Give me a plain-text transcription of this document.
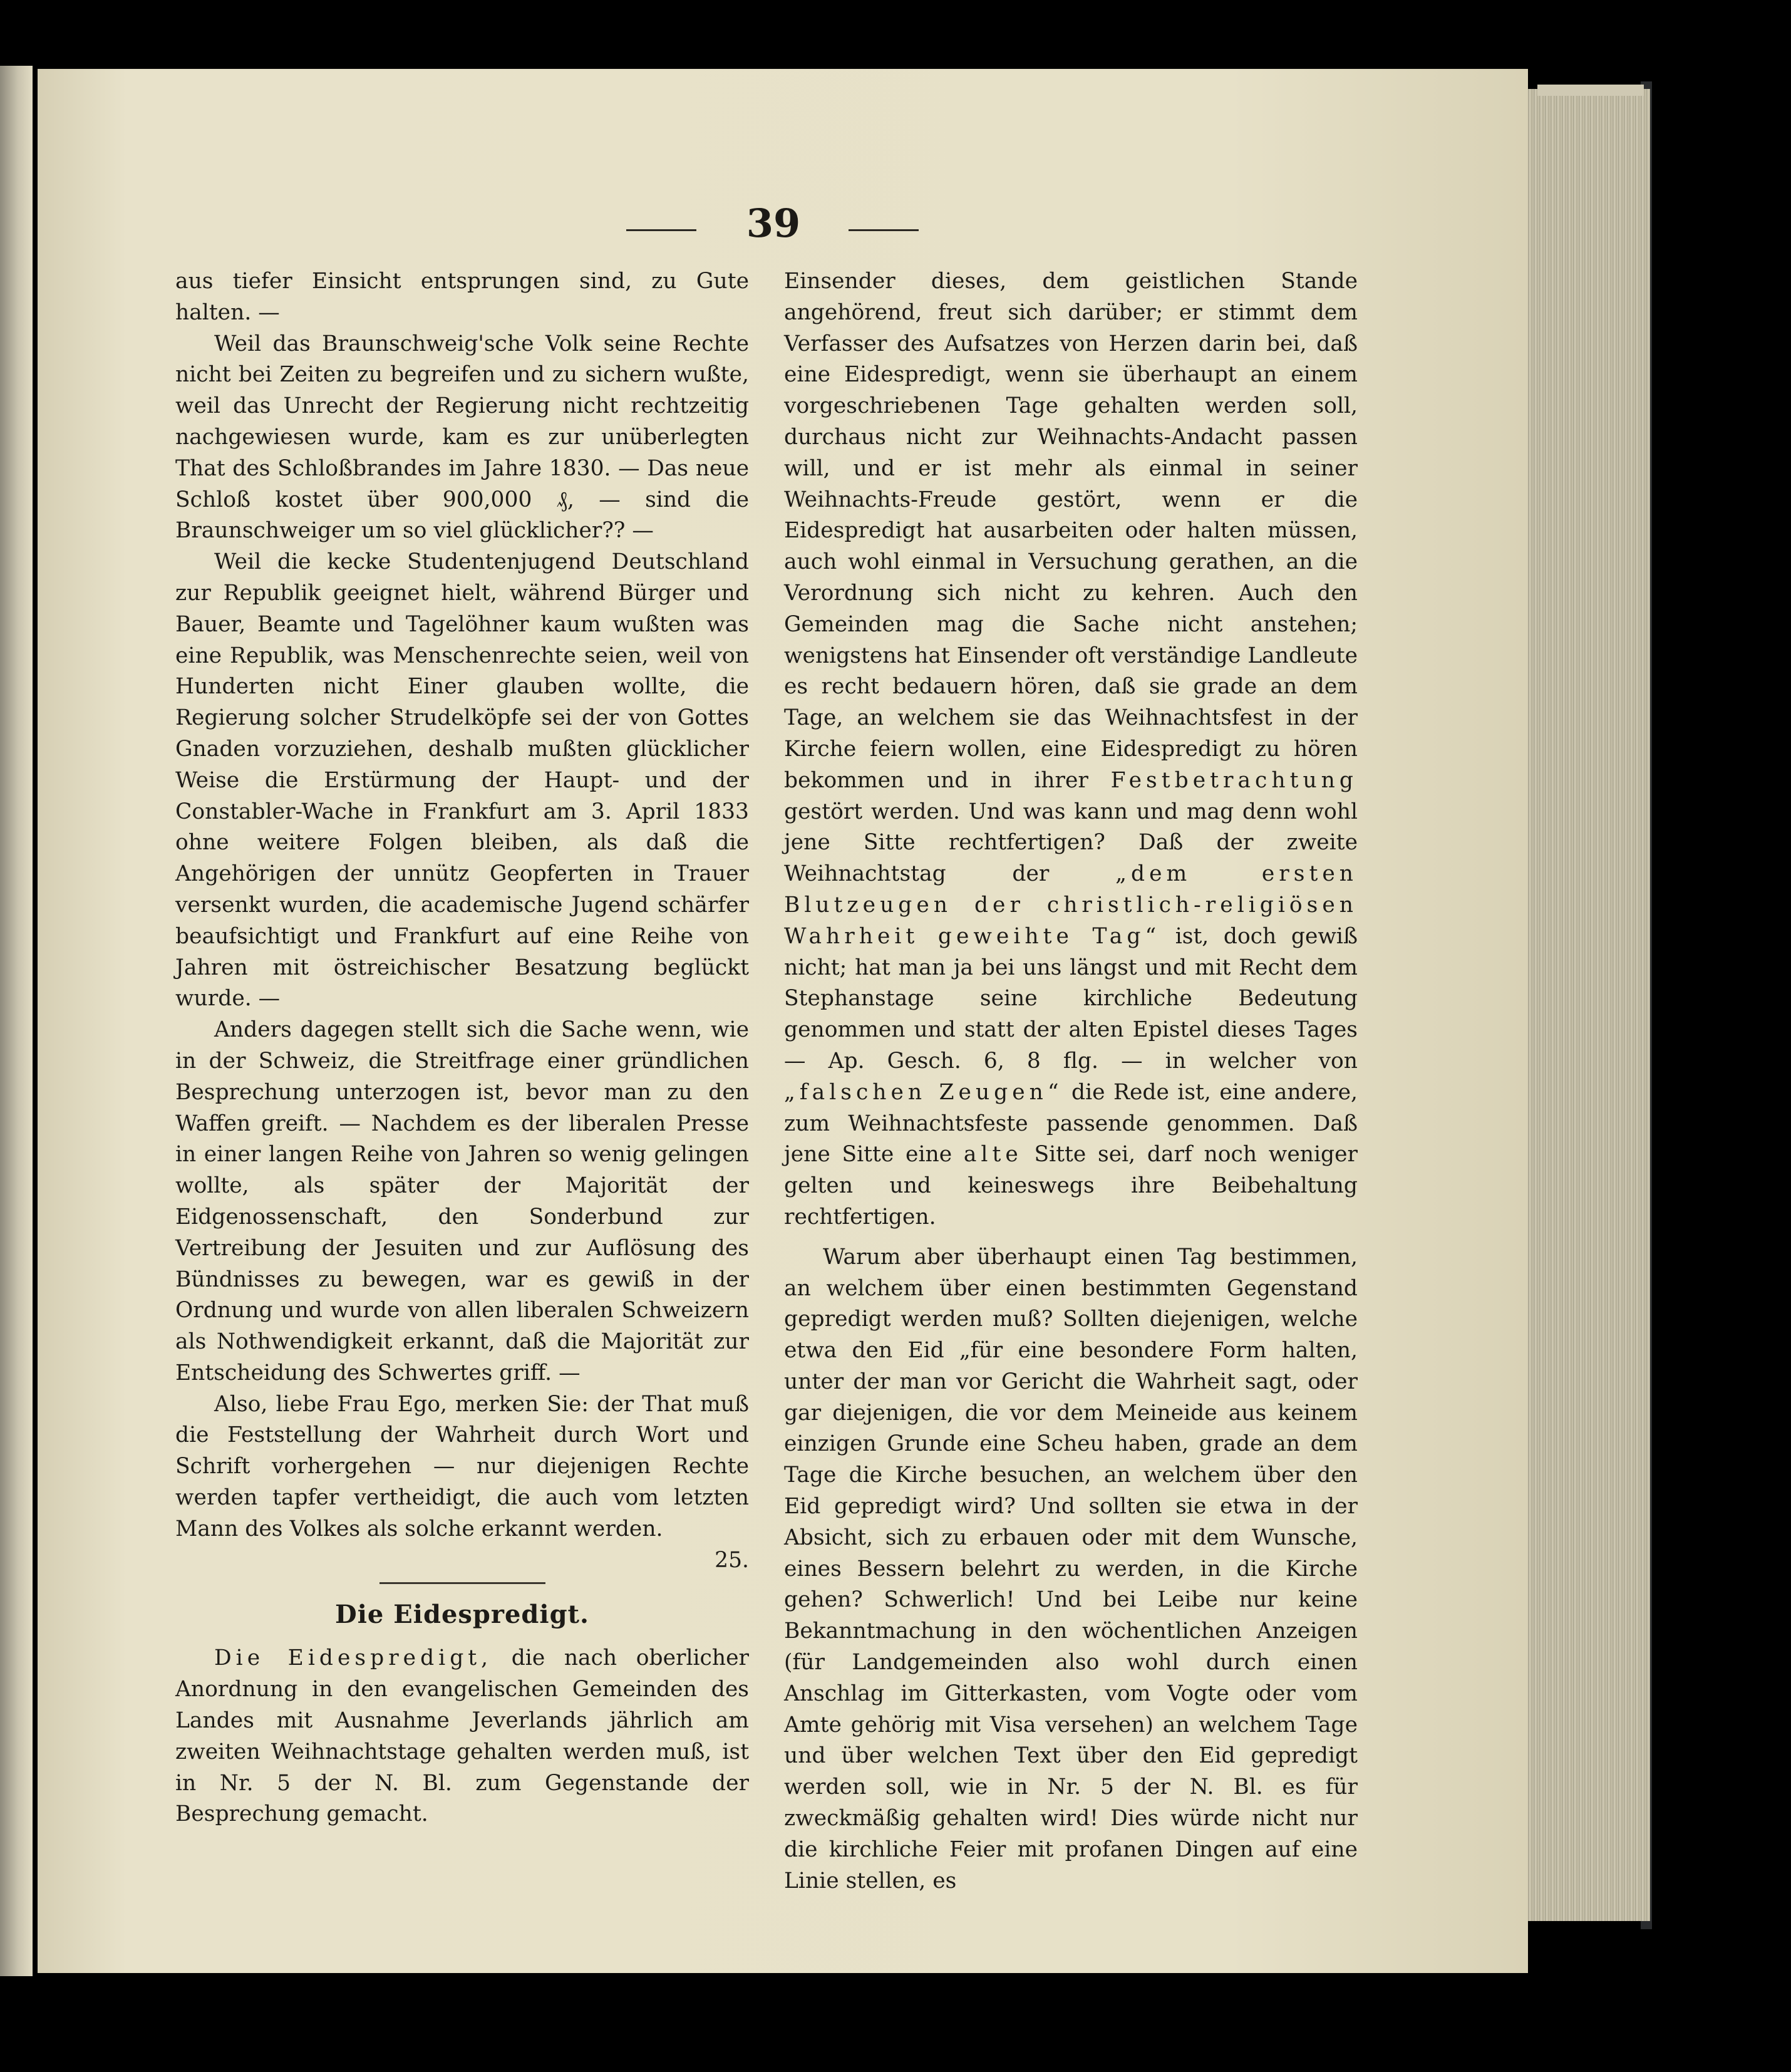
39

aus tiefer Einsicht entsprungen sind, zu Gute halten. —

Weil das Braunschweig'sche Volk seine Rechte nicht bei Zeiten zu begreifen und zu sichern wußte, weil das Unrecht der Regierung nicht rechtzeitig nachgewiesen wurde, kam es zur unüberlegten That des Schloßbrandes im Jahre 1830. — Das neue Schloß kostet über 900,000 ₰, — sind die Braunschweiger um so viel glücklicher?? —

Weil die kecke Studentenjugend Deutschland zur Republik geeignet hielt, während Bürger und Bauer, Beamte und Tagelöhner kaum wußten was eine Republik, was Menschenrechte seien, weil von Hunderten nicht Einer glauben wollte, die Regierung solcher Strudelköpfe sei der von Gottes Gnaden vorzuziehen, deshalb mußten glücklicher Weise die Erstürmung der Haupt- und der Constabler-Wache in Frankfurt am 3. April 1833 ohne weitere Folgen bleiben, als daß die Angehörigen der unnütz Geopferten in Trauer versenkt wurden, die academische Jugend schärfer beaufsichtigt und Frankfurt auf eine Reihe von Jahren mit östreichischer Besatzung beglückt wurde. —

Anders dagegen stellt sich die Sache wenn, wie in der Schweiz, die Streitfrage einer gründlichen Besprechung unterzogen ist, bevor man zu den Waffen greift. — Nachdem es der liberalen Presse in einer langen Reihe von Jahren so wenig gelingen wollte, als später der Majorität der Eidgenossenschaft, den Sonderbund zur Vertreibung der Jesuiten und zur Auflösung des Bündnisses zu bewegen, war es gewiß in der Ordnung und wurde von allen liberalen Schweizern als Nothwendigkeit erkannt, daß die Majorität zur Entscheidung des Schwertes griff. —

Also, liebe Frau Ego, merken Sie: der That muß die Feststellung der Wahrheit durch Wort und Schrift vorhergehen — nur diejenigen Rechte werden tapfer vertheidigt, die auch vom letzten Mann des Volkes als solche erkannt werden.

25.

Die Eidespredigt.

Die Eidespredigt, die nach oberlicher Anordnung in den evangelischen Gemeinden des Landes mit Ausnahme Jeverlands jährlich am zweiten Weihnachtstage gehalten werden muß, ist in Nr. 5 der N. Bl. zum Gegenstande der Besprechung gemacht.

Einsender dieses, dem geistlichen Stande angehörend, freut sich darüber; er stimmt dem Verfasser des Aufsatzes von Herzen darin bei, daß eine Eidespredigt, wenn sie überhaupt an einem vorgeschriebenen Tage gehalten werden soll, durchaus nicht zur Weihnachts-Andacht passen will, und er ist mehr als einmal in seiner Weihnachts-Freude gestört, wenn er die Eidespredigt hat ausarbeiten oder halten müssen, auch wohl einmal in Versuchung gerathen, an die Verordnung sich nicht zu kehren. Auch den Gemeinden mag die Sache nicht anstehen; wenigstens hat Einsender oft verständige Landleute es recht bedauern hören, daß sie grade an dem Tage, an welchem sie das Weihnachtsfest in der Kirche feiern wollen, eine Eidespredigt zu hören bekommen und in ihrer Festbetrachtung gestört werden. Und was kann und mag denn wohl jene Sitte rechtfertigen? Daß der zweite Weihnachtstag der	„dem ersten Blutzeugen der christlich-religiösen Wahrheit geweihte Tag“ ist, doch gewiß nicht; hat man ja bei uns längst und mit Recht dem Stephanstage seine kirchliche Bedeutung genommen und statt der alten Epistel dieses Tages — Ap. Gesch. 6, 8 flg. — in welcher von „falschen Zeugen“ die Rede ist, eine andere, zum Weihnachtsfeste passende genommen. Daß jene Sitte eine alte Sitte sei, darf noch weniger gelten und keineswegs ihre Beibehaltung rechtfertigen.

Warum aber überhaupt einen Tag bestimmen, an welchem über einen bestimmten Gegenstand gepredigt werden muß? Sollten diejenigen, welche etwa den Eid „für eine besondere Form halten, unter der man vor Gericht die Wahrheit sagt, oder gar diejenigen, die vor dem Meineide aus keinem einzigen Grunde eine Scheu haben, grade an dem Tage die Kirche besuchen, an welchem über den Eid gepredigt wird? Und sollten sie etwa in der Absicht, sich zu erbauen oder mit dem Wunsche, eines Bessern belehrt zu werden, in die Kirche gehen? Schwerlich! Und bei Leibe nur keine Bekanntmachung in den wöchentlichen Anzeigen (für Landgemeinden also wohl durch einen Anschlag im Gitterkasten, vom Vogte oder vom Amte gehörig mit Visa versehen) an welchem Tage und über welchen Text über den Eid gepredigt werden soll, wie in Nr. 5 der N. Bl. es für zweckmäßig gehalten wird! Dies würde nicht nur die kirchliche Feier mit profanen Dingen auf eine Linie stellen, es
